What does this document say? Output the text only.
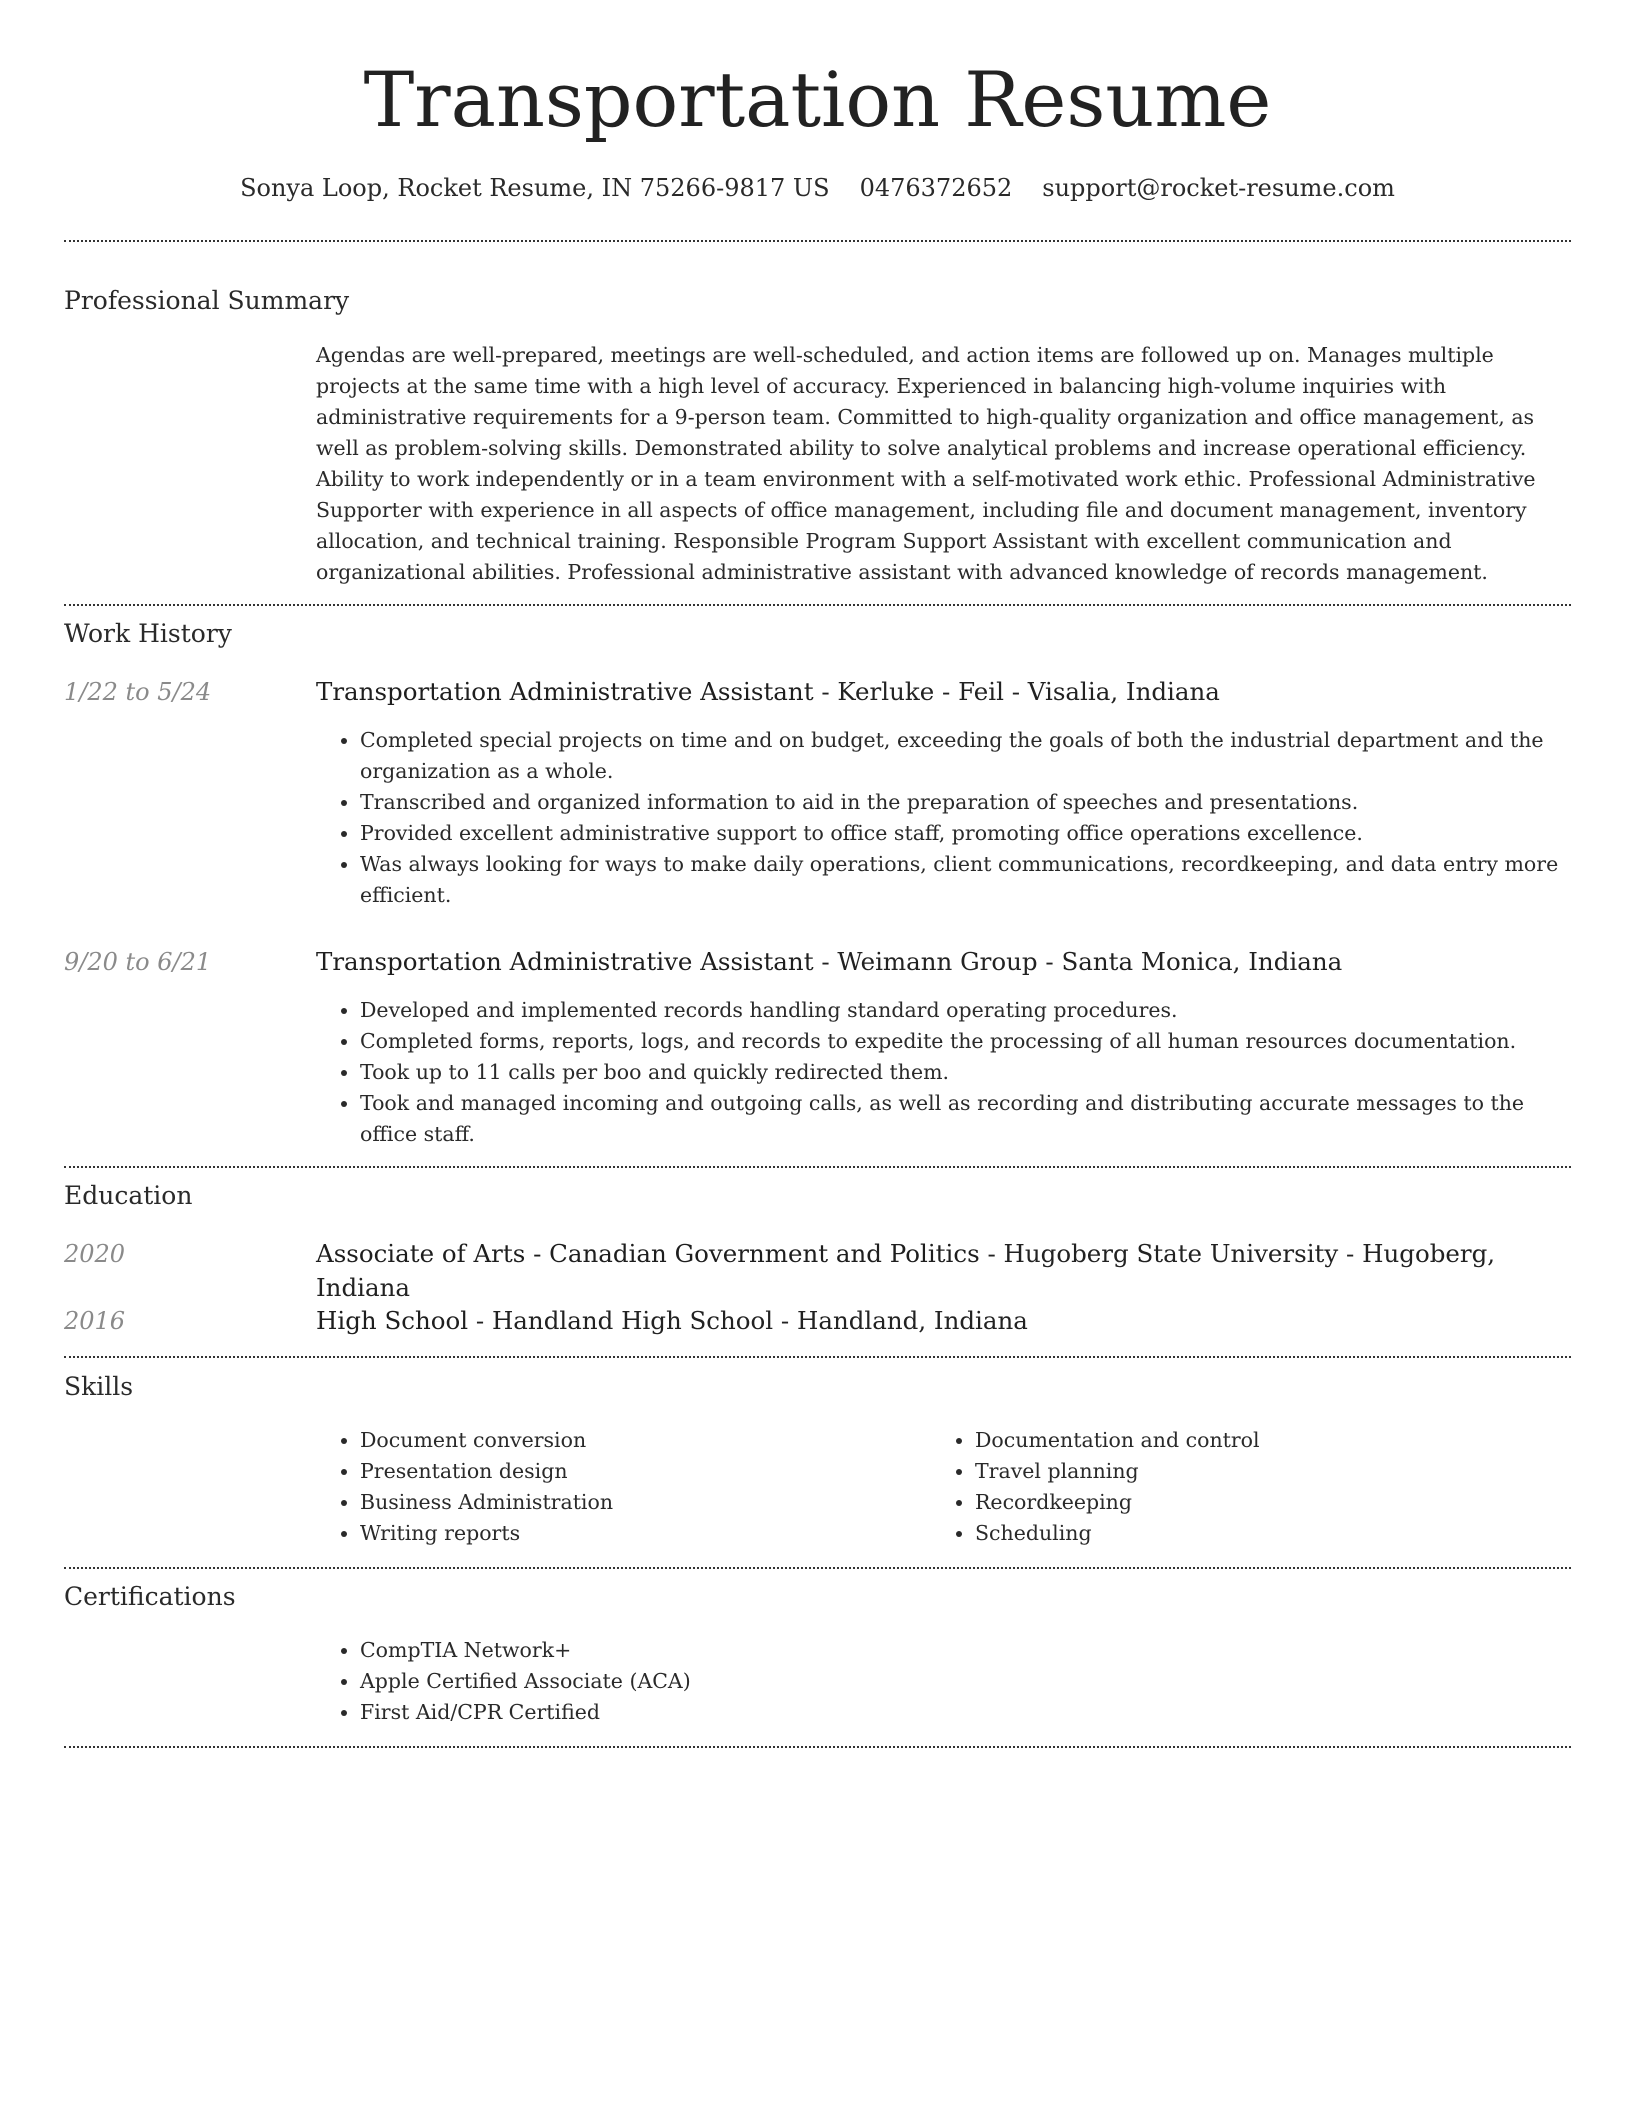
Transportation Resume
Sonya Loop, Rocket Resume, IN 75266-9817 US 0476372652 support@rocket-resume.com
Professional Summary

Agendas are well-prepared, meetings are well-scheduled, and action items are followed up on. Manages multiple projects at the same time with a high level of accuracy. Experienced in balancing high-volume inquiries with administrative requirements for a 9-person team. Committed to high-quality organization and office management, as well as problem-solving skills. Demonstrated ability to solve analytical problems and increase operational efficiency. Ability to work independently or in a team environment with a self-motivated work ethic. Professional Administrative Supporter with experience in all aspects of office management, including file and document management, inventory allocation, and technical training. Responsible Program Support Assistant with excellent communication and organizational abilities. Professional administrative assistant with advanced knowledge of records management.

Work History
1/22 to 5/24	Transportation Administrative Assistant - Kerluke - Feil - Visalia, Indiana
• Completed special projects on time and on budget, exceeding the goals of both the industrial department and the organization as a whole.
• Transcribed and organized information to aid in the preparation of speeches and presentations.
• Provided excellent administrative support to office staff, promoting office operations excellence.
• Was always looking for ways to make daily operations, client communications, recordkeeping, and data entry more efficient.
9/20 to 6/21	Transportation Administrative Assistant - Weimann Group - Santa Monica, Indiana
• Developed and implemented records handling standard operating procedures.
• Completed forms, reports, logs, and records to expedite the processing of all human resources documentation.
• Took up to 11 calls per boo and quickly redirected them.
• Took and managed incoming and outgoing calls, as well as recording and distributing accurate messages to the office staff.
Education
2020	Associate of Arts - Canadian Government and Politics - Hugoberg State University - Hugoberg, Indiana
2016	High School - Handland High School - Handland, Indiana
Skills
• Document conversion
• Presentation design
• Business Administration
• Writing reports
• Documentation and control
• Travel planning
• Recordkeeping
• Scheduling
Certifications
• CompTIA Network+
• Apple Certified Associate (ACA)
• First Aid/CPR Certified
